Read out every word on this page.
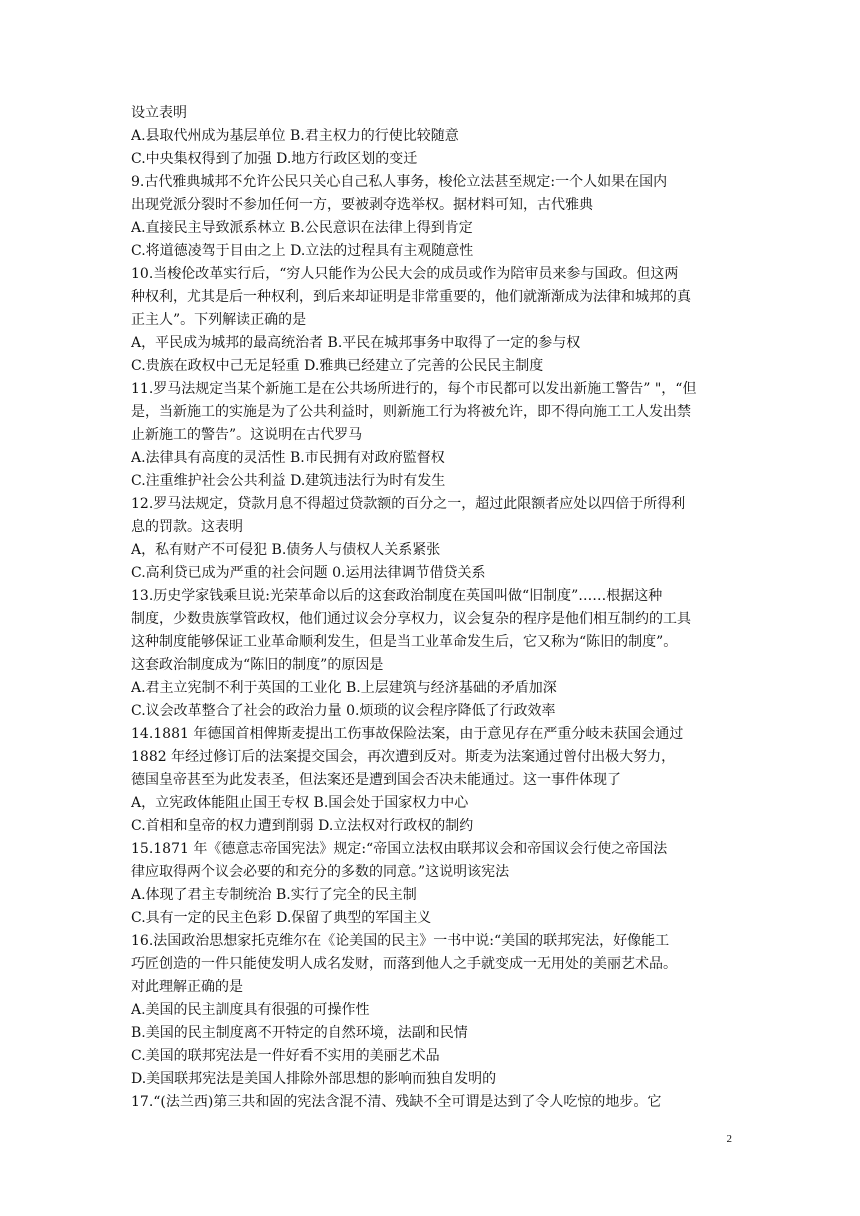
设立表明
A.县取代州成为基层单位 B.君主权力的行使比较随意
C.中央集权得到了加强 D.地方行政区划的变迁
9.古代雅典城邦不允许公民只关心自己私人事务，梭伦立法甚至规定:一个人如果在国内
出现党派分裂时不参加任何一方，要被剥夺选举权。据材料可知，古代雅典
A.直接民主导致派系林立 B.公民意识在法律上得到肯定
C.将道德凌驾于目由之上 D.立法的过程具有主观随意性
10.当梭伦改革实行后，“穷人只能作为公民大会的成员或作为陪审员来参与国政。但这两
种权利，尤其是后一种权利，到后来却证明是非常重要的，他们就渐渐成为法律和城邦的真
正主人”。下列解读正确的是
A，平民成为城邦的最高统治者 B.平民在城邦事务中取得了一定的参与权
C.贵族在政权中己无足轻重 D.雅典已经建立了完善的公民民主制度
11.罗马法规定当某个新施工是在公共场所进行的，每个市民都可以发出新施工警告” "，“但
是，当新施工的实施是为了公共利益时，则新施工行为将被允许，即不得向施工工人发出禁
止新施工的警告”。这说明在古代罗马
A.法律具有高度的灵活性 B.市民拥有对政府監督权
C.注重维护社会公共利益 D.建筑违法行为时有发生
12.罗马法规定，贷款月息不得超过贷款额的百分之一，超过此限额者应处以四倍于所得利
息的罚款。这表明
A，私有财产不可侵犯 B.债务人与债权人关系紧张
C.高利贷已成为严重的社会问题 0.运用法律调节借贷关系
13.历史学家钱乘旦说:光荣革命以后的这套政治制度在英国叫做“旧制度”……根据这种
制度，少数贵族掌管政权，他们通过议会分享权力，议会复杂的程序是他们相互制约的工具
这种制度能够保证工业革命顺利发生，但是当工业革命发生后，它又称为“陈旧的制度”。
这套政治制度成为“陈旧的制度”的原因是
A.君主立宪制不利于英国的工业化 B.上层建筑与经济基础的矛盾加深
C.议会改革整合了社会的政治力量 0.烦琐的议会程序降低了行政效率
14.1881 年德国首相俾斯麦提出工伤事故保险法案，由于意见存在严重分岐未获国会通过
1882 年经过修订后的法案提交国会，再次遭到反对。斯麦为法案通过曾付出极大努力，
德国皇帝甚至为此发表圣，但法案还是遭到国会否决未能通过。这一事件体现了
A，立宪政体能阻止国王专权 B.国会处于国家权力中心
C.首相和皇帝的权力遭到削弱 D.立法权对行政权的制约
15.1871 年《德意志帝国宪法》规定:“帝国立法权由联邦议会和帝国议会行使之帝国法
律应取得两个议会必要的和充分的多数的同意。”这说明该宪法
A.体现了君主专制统治 B.实行了完全的民主制
C.具有一定的民主色彩 D.保留了典型的军国主义
16.法国政治思想家托克维尔在《论美国的民主》一书中说:“美国的联邦宪法，好像能工
巧匠创造的一件只能使发明人成名发财，而落到他人之手就变成一无用处的美丽艺术品。
对此理解正确的是
A.美国的民主訓度具有很强的可操作性
B.美国的民主制度离不开特定的自然环境，法副和民情
C.美国的联邦宪法是一件好看不实用的美丽艺术品
D.美国联邦宪法是美国人排除外部思想的影响而独自发明的
17.“(法兰西)第三共和固的宪法含混不清、残缺不全可谓是达到了令人吃惊的地步。它
2
